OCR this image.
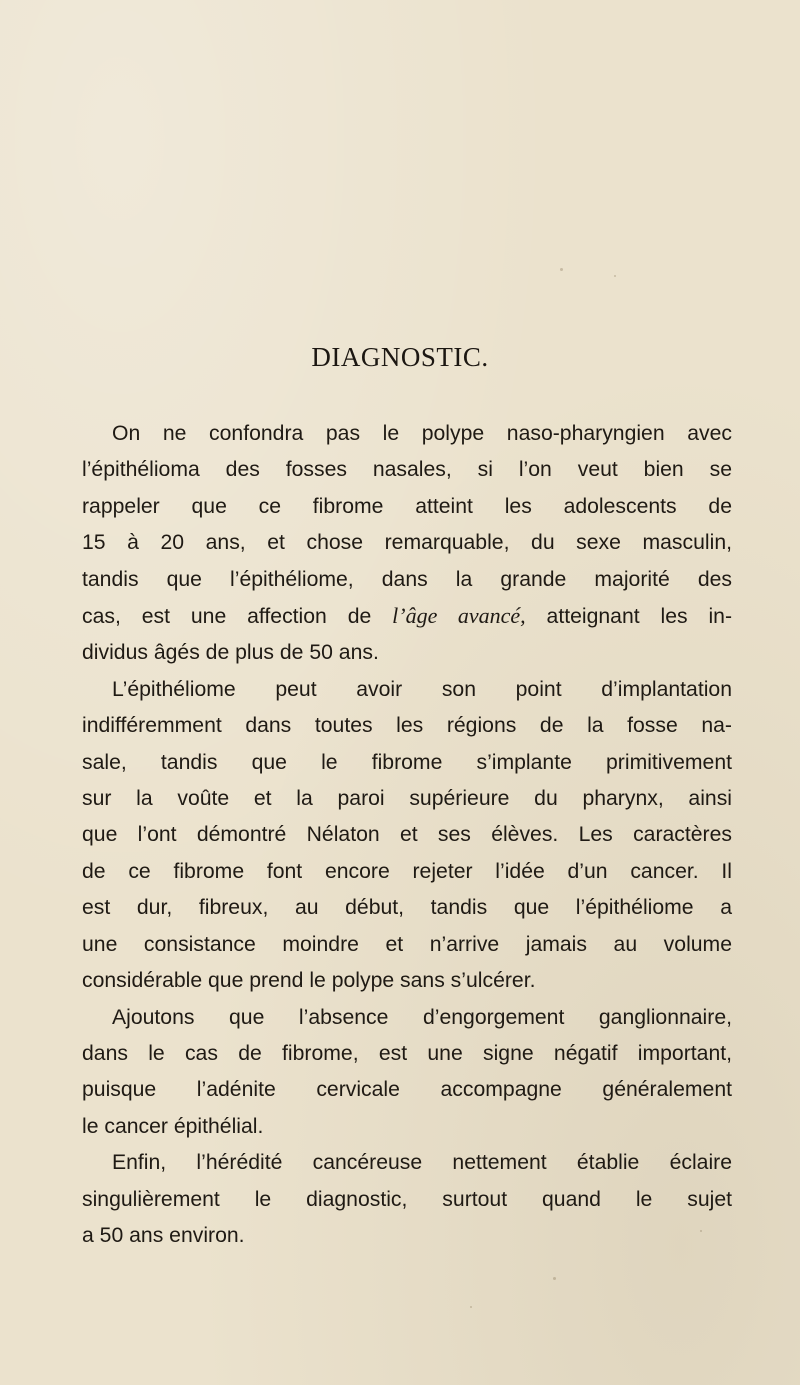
DIAGNOSTIC.

On ne confondra pas le polype naso-pharyngien avec
l’épithélioma des fosses nasales, si l’on veut bien se
rappeler que ce fibrome atteint les adolescents de
15 à 20 ans, et chose remarquable, du sexe masculin,
tandis que l’épithéliome, dans la grande majorité des
cas, est une affection de l’âge avancé, atteignant les in-
dividus âgés de plus de 50 ans.

L’épithéliome peut avoir son point d’implantation
indifféremment dans toutes les régions de la fosse na-
sale, tandis que le fibrome s’implante primitivement
sur la voûte et la paroi supérieure du pharynx, ainsi
que l’ont démontré Nélaton et ses élèves. Les caractères
de ce fibrome font encore rejeter l’idée d’un cancer. Il
est dur, fibreux, au début, tandis que l’épithéliome a
une consistance moindre et n’arrive jamais au volume
considérable que prend le polype sans s’ulcérer.

Ajoutons que l’absence d’engorgement ganglionnaire,
dans le cas de fibrome, est une signe négatif important,
puisque l’adénite cervicale accompagne généralement
le cancer épithélial.

Enfin, l’hérédité cancéreuse nettement établie éclaire
singulièrement le diagnostic, surtout quand le sujet
a 50 ans environ.
